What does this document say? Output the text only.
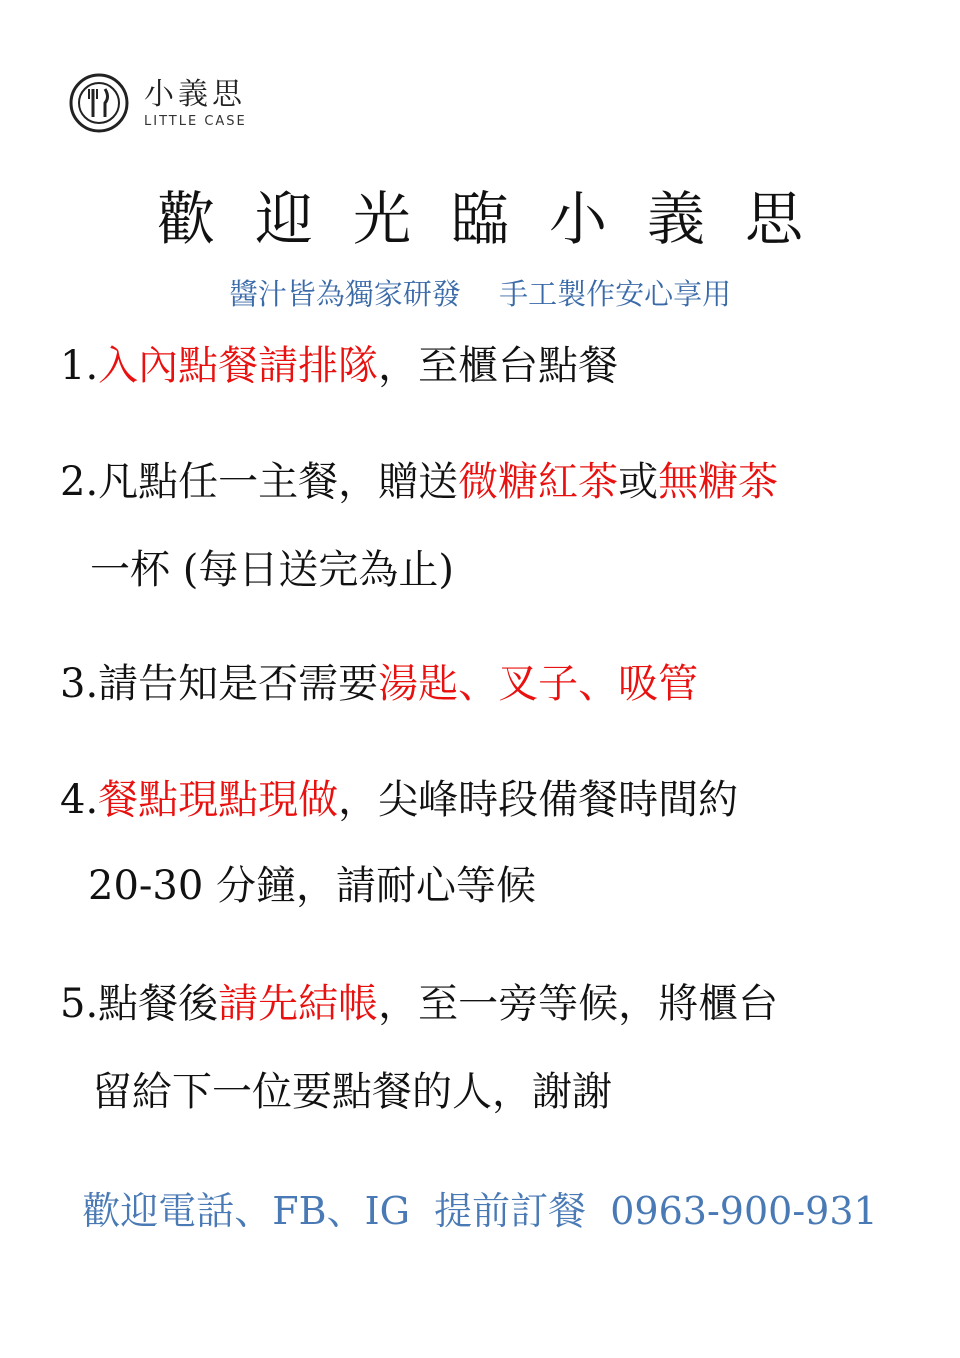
小義思
LITTLE CASE
歡迎光臨小義思
醬汁皆為獨家研發　 手工製作安心享用
1.入內點餐請排隊，至櫃台點餐
2.凡點任一主餐，贈送微糖紅茶或無糖茶
一杯 (每日送完為止)
3.請告知是否需要湯匙、叉子、吸管
4.餐點現點現做，尖峰時段備餐時間約
20-30 分鐘，請耐心等候
5.點餐後請先結帳，至一旁等候，將櫃台
留給下一位要點餐的人，謝謝
歡迎電話、FB、IG  提前訂餐  0963-900-931
